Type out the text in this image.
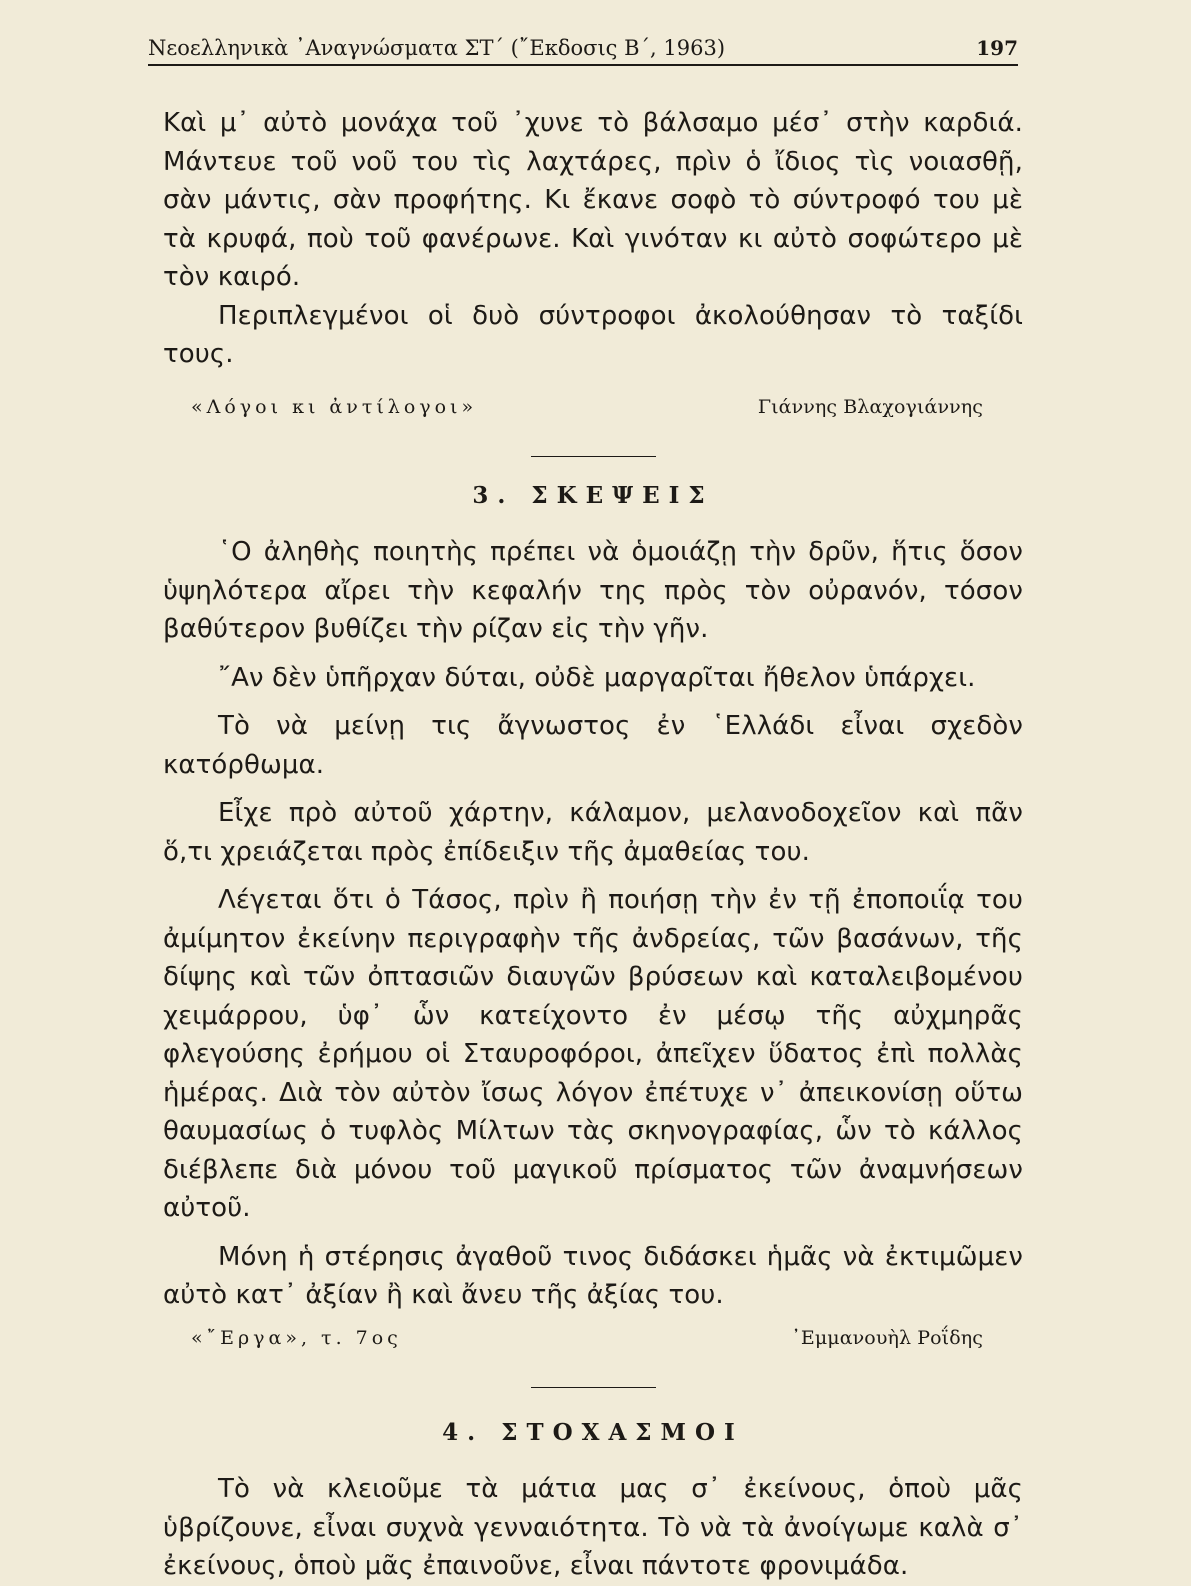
Νεοελληνικὰ ᾿Αναγνώσματα ΣΤ΄ (῎Εκδοσις Β΄, 1963)	197

Καὶ μ᾿ αὐτὸ μονάχα τοῦ ᾿χυνε τὸ βάλσαμο μέσ᾿ στὴν καρδιά. Μάντευε τοῦ νοῦ του τὶς λαχτάρες, πρὶν ὁ ἴδιος τὶς νοιασθῇ, σὰν μάντις, σὰν προφήτης. Κι ἔκανε σοφὸ τὸ σύντροφό του μὲ τὰ κρυφά, ποὺ τοῦ φανέρωνε. Καὶ γινόταν κι αὐτὸ σοφώτερο μὲ τὸν καιρό.

Περιπλεγμένοι οἱ δυὸ σύντροφοι ἀκολούθησαν τὸ ταξίδι τους.

«Λόγοι κι ἀντίλογοι»	Γιάννης Βλαχογιάννης
3. ΣΚΕΨΕΙΣ

῾Ο ἀληθὴς ποιητὴς πρέπει νὰ ὁμοιάζῃ τὴν δρῦν, ἥτις ὅσον ὑψηλότερα αἴρει τὴν κεφαλήν της πρὸς τὸν οὐρανόν, τόσον βαθύτερον βυθίζει τὴν ρίζαν εἰς τὴν γῆν.

῎Αν δὲν ὑπῆρχαν δύται, οὐδὲ μαργαρῖται ἤθελον ὑπάρχει.

Τὸ νὰ μείνῃ τις ἄγνωστος ἐν ῾Ελλάδι εἶναι σχεδὸν κατόρθωμα.

Εἶχε πρὸ αὐτοῦ χάρτην, κάλαμον, μελανοδοχεῖον καὶ πᾶν ὅ,τι χρειάζεται πρὸς ἐπίδειξιν τῆς ἀμαθείας του.

Λέγεται ὅτι ὁ Τάσος, πρὶν ἢ ποιήσῃ τὴν ἐν τῇ ἐποποιΐᾳ του ἀμίμητον ἐκείνην περιγραφὴν τῆς ἀνδρείας, τῶν βασάνων, τῆς δίψης καὶ τῶν ὀπτασιῶν διαυγῶν βρύσεων καὶ καταλειβομένου χειμάρρου, ὑφ᾿ ὧν κατείχοντο ἐν μέσῳ τῆς αὐχμηρᾶς φλεγούσης ἐρήμου οἱ Σταυροφόροι, ἀπεῖχεν ὕδατος ἐπὶ πολλὰς ἡμέρας. Διὰ τὸν αὐτὸν ἴσως λόγον ἐπέτυχε ν᾿ ἀπεικονίσῃ οὕτω θαυμασίως ὁ τυφλὸς Μίλτων τὰς σκηνογραφίας, ὧν τὸ κάλλος διέβλεπε διὰ μόνου τοῦ μαγικοῦ πρίσματος τῶν ἀναμνήσεων αὐτοῦ.

Μόνη ἡ στέρησις ἀγαθοῦ τινος διδάσκει ἡμᾶς νὰ ἐκτιμῶμεν αὐτὸ κατ᾿ ἀξίαν ἢ καὶ ἄνευ τῆς ἀξίας του.

«῎Εργα», τ. 7ος	᾿Εμμανουὴλ Ροΐδης
4. ΣΤΟΧΑΣΜΟΙ

Τὸ νὰ κλειοῦμε τὰ μάτια μας σ᾿ ἐκείνους, ὁποὺ μᾶς ὑβρίζουνε, εἶναι συχνὰ γενναιότητα. Τὸ νὰ τὰ ἀνοίγωμε καλὰ σ᾿ ἐκείνους, ὁποὺ μᾶς ἐπαινοῦνε, εἶναι πάντοτε φρονιμάδα.
